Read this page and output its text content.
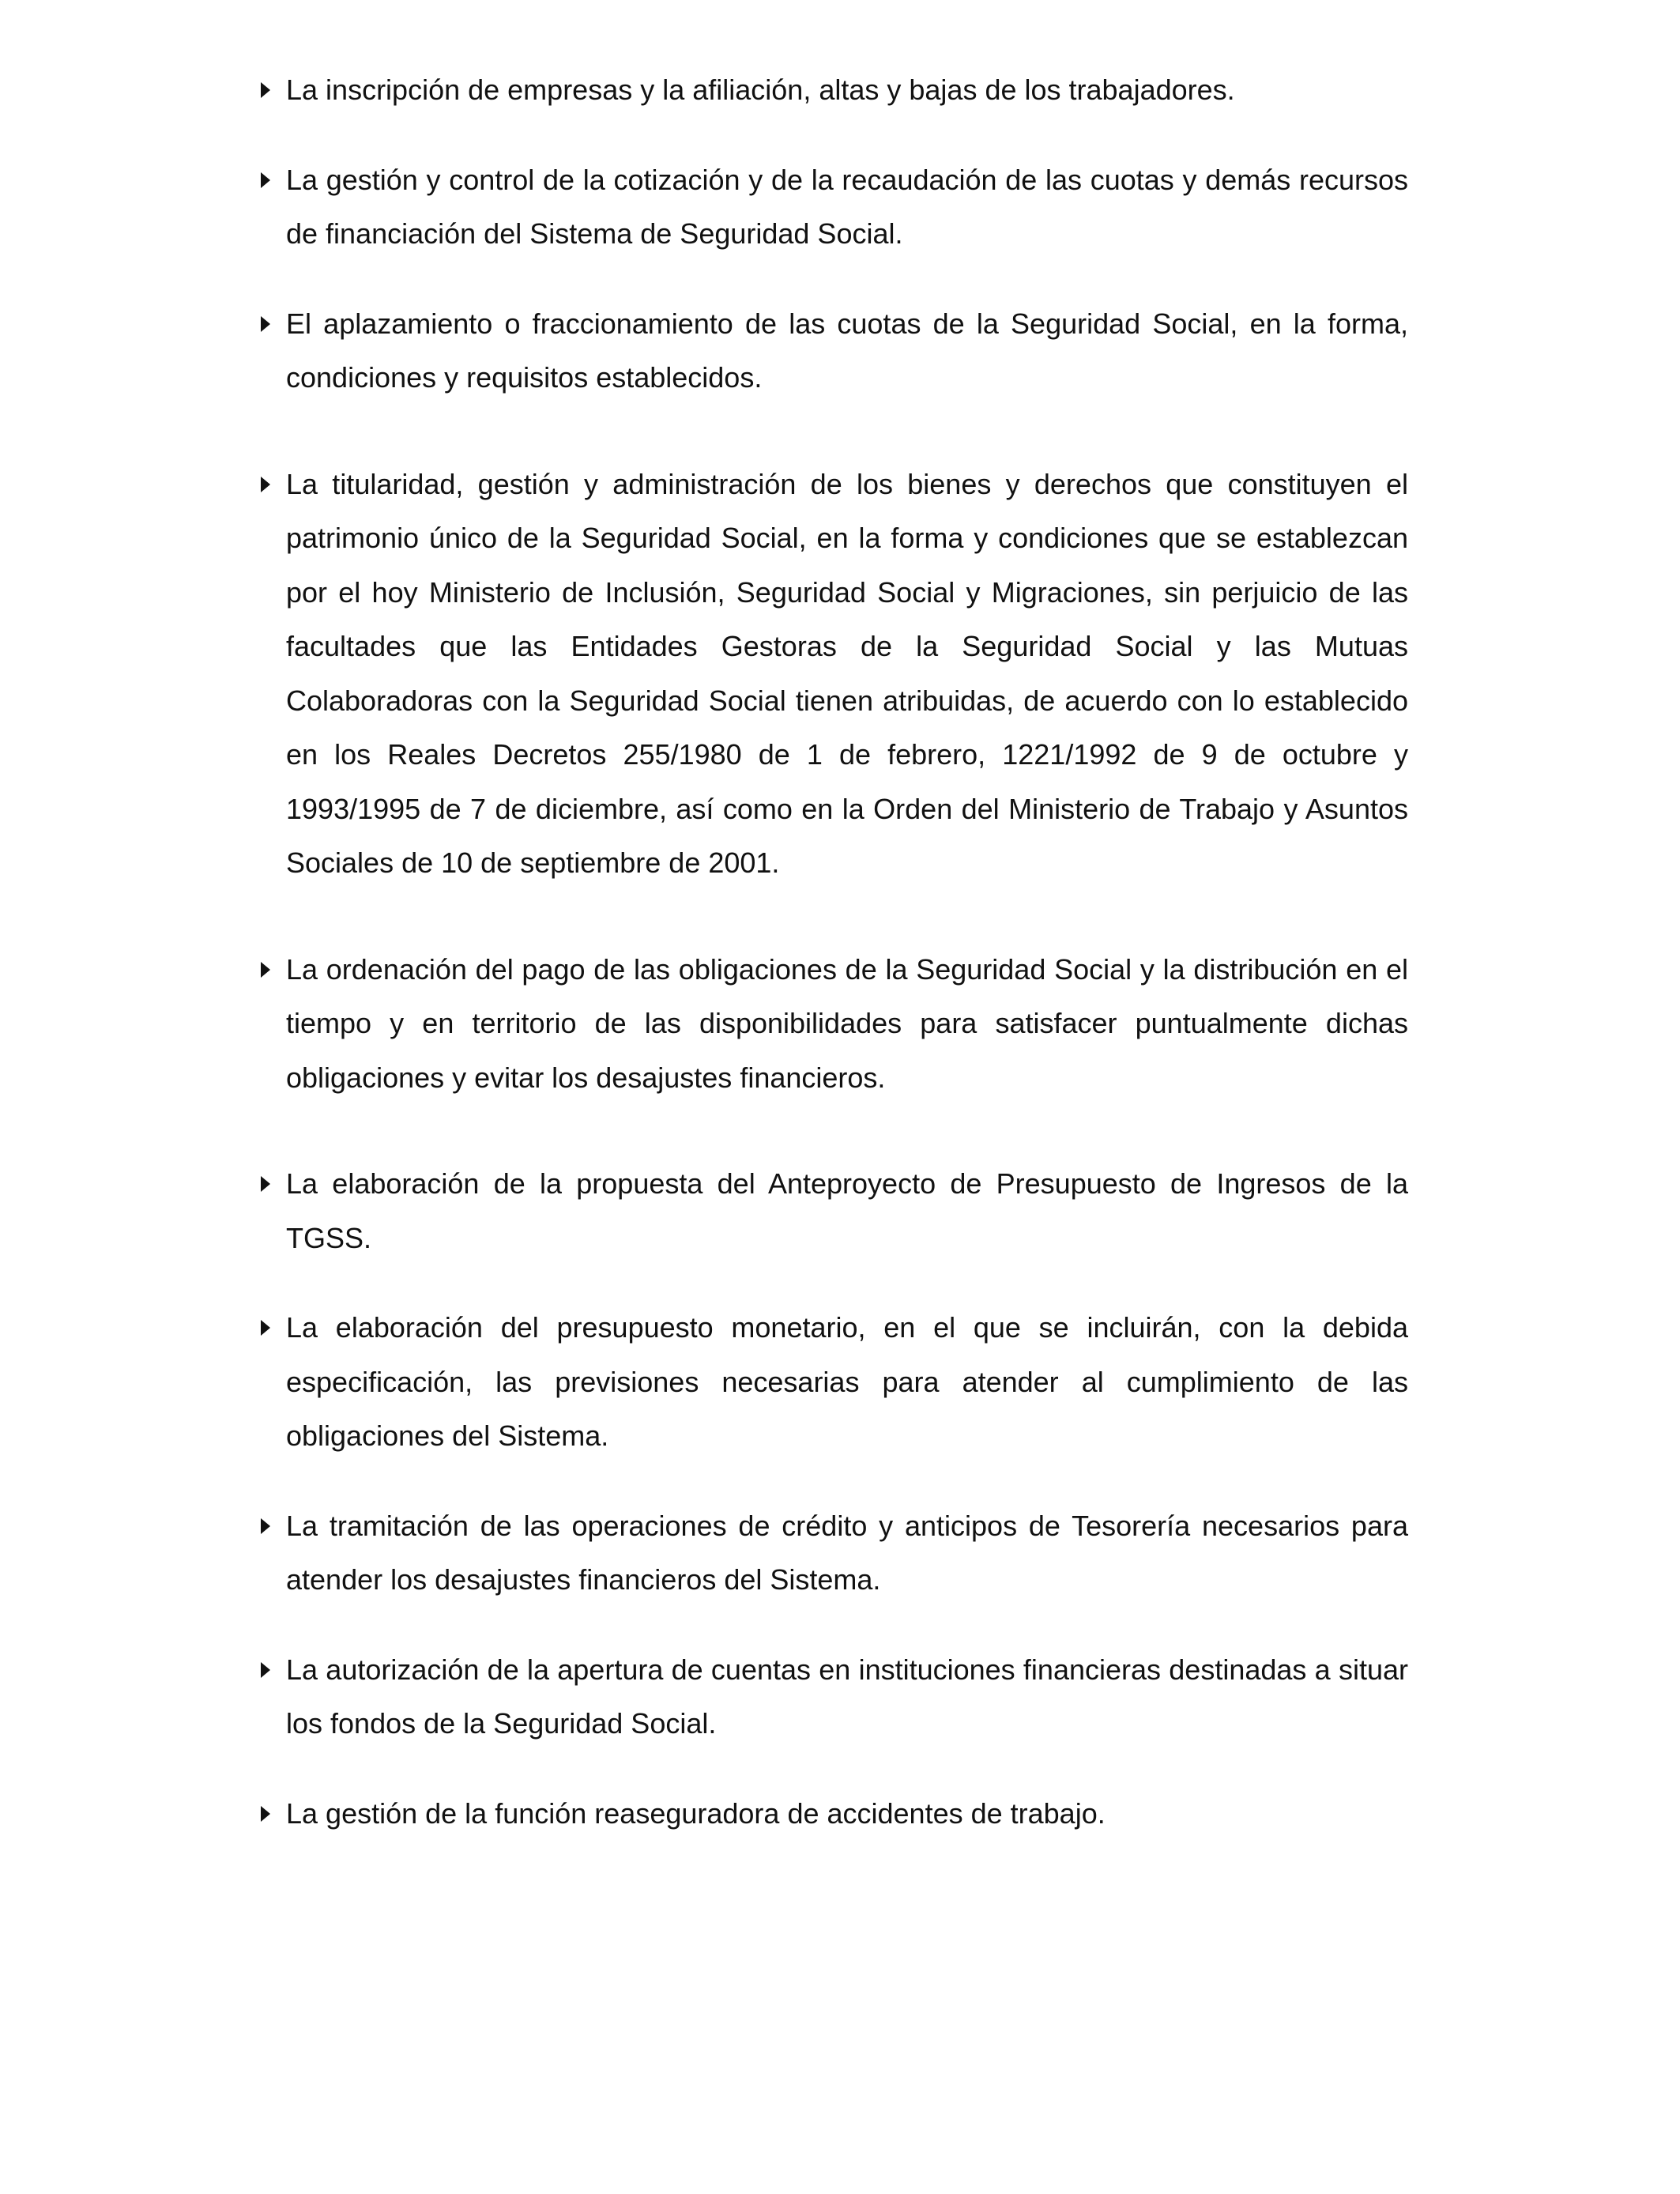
La inscripción de empresas y la afiliación, altas y bajas de los trabajadores.
La gestión y control de la cotización y de la recaudación de las cuotas y demás recursos de financiación del Sistema de Seguridad Social.
El aplazamiento o fraccionamiento de las cuotas de la Seguridad Social, en la forma, condiciones y requisitos establecidos.
La titularidad, gestión y administración de los bienes y derechos que constituyen el patrimonio único de la Seguridad Social, en la forma y condiciones que se establezcan por el hoy Ministerio de Inclusión, Seguridad Social y Migraciones, sin perjuicio de las facultades que las Entidades Gestoras de la Seguridad Social y las Mutuas Colaboradoras con la Seguridad Social tienen atribuidas, de acuerdo con lo establecido en los Reales Decretos 255/1980 de 1 de febrero, 1221/1992 de 9 de octubre y 1993/1995 de 7 de diciembre, así como en la Orden del Ministerio de Trabajo y Asuntos Sociales de 10 de septiembre de 2001.
La ordenación del pago de las obligaciones de la Seguridad Social y la distribución en el tiempo y en territorio de las disponibilidades para satisfacer puntualmente dichas obligaciones y evitar los desajustes financieros.
La elaboración de la propuesta del Anteproyecto de Presupuesto de Ingresos de la TGSS.
La elaboración del presupuesto monetario, en el que se incluirán, con la debida especificación, las previsiones necesarias para atender al cumplimiento de las obligaciones del Sistema.
La tramitación de las operaciones de crédito y anticipos de Tesorería necesarios para atender los desajustes financieros del Sistema.
La autorización de la apertura de cuentas en instituciones financieras destinadas a situar los fondos de la Seguridad Social.
La gestión de la función reaseguradora de accidentes de trabajo.
